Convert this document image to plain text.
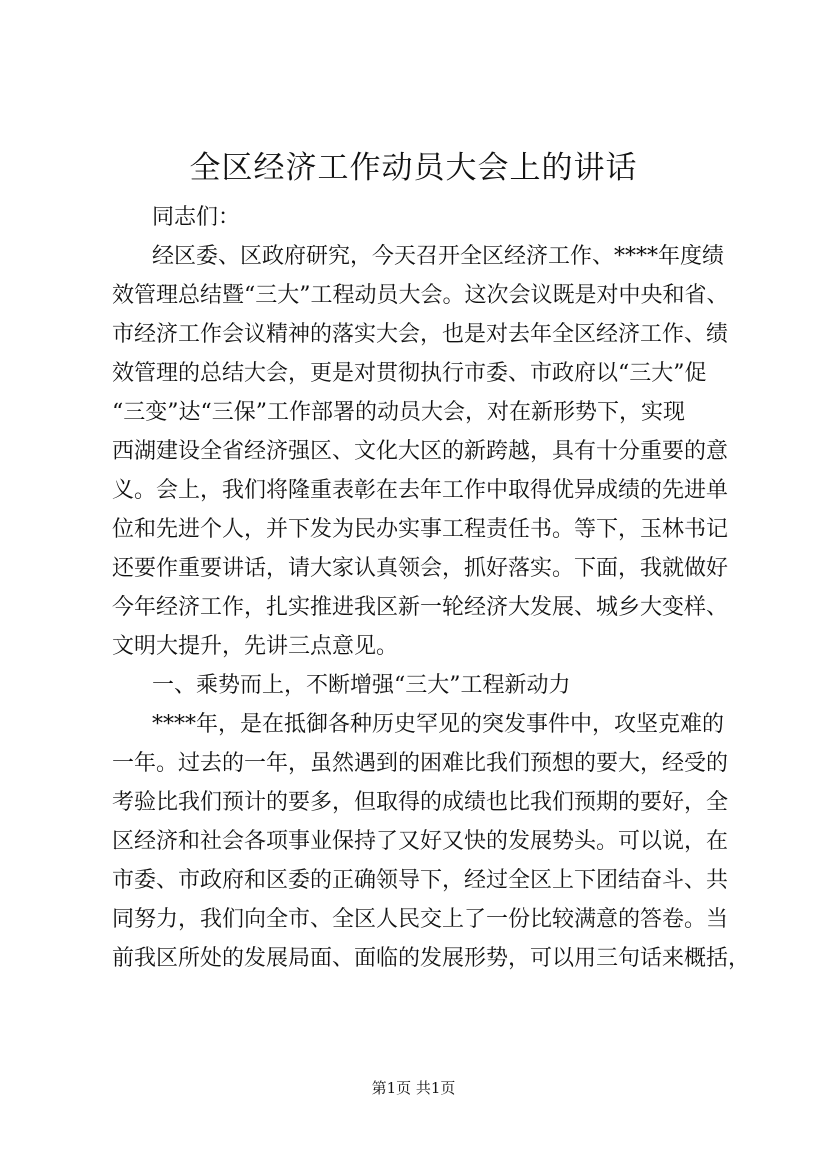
全区经济工作动员大会上的讲话
同志们：
经区委、区政府研究，今天召开全区经济工作、****年度绩
效管理总结暨“三大”工程动员大会。这次会议既是对中央和省、
市经济工作会议精神的落实大会，也是对去年全区经济工作、绩
效管理的总结大会，更是对贯彻执行市委、市政府以“三大”促
“三变”达“三保”工作部署的动员大会，对在新形势下，实现
西湖建设全省经济强区、文化大区的新跨越，具有十分重要的意
义。会上，我们将隆重表彰在去年工作中取得优异成绩的先进单
位和先进个人，并下发为民办实事工程责任书。等下，玉林书记
还要作重要讲话，请大家认真领会，抓好落实。下面，我就做好
今年经济工作，扎实推进我区新一轮经济大发展、城乡大变样、
文明大提升，先讲三点意见。
一、乘势而上，不断增强“三大”工程新动力
****年，是在抵御各种历史罕见的突发事件中，攻坚克难的
一年。过去的一年，虽然遇到的困难比我们预想的要大，经受的
考验比我们预计的要多，但取得的成绩也比我们预期的要好，全
区经济和社会各项事业保持了又好又快的发展势头。可以说，在
市委、市政府和区委的正确领导下，经过全区上下团结奋斗、共
同努力，我们向全市、全区人民交上了一份比较满意的答卷。当
前我区所处的发展局面、面临的发展形势，可以用三句话来概括，
第1页 共1页
